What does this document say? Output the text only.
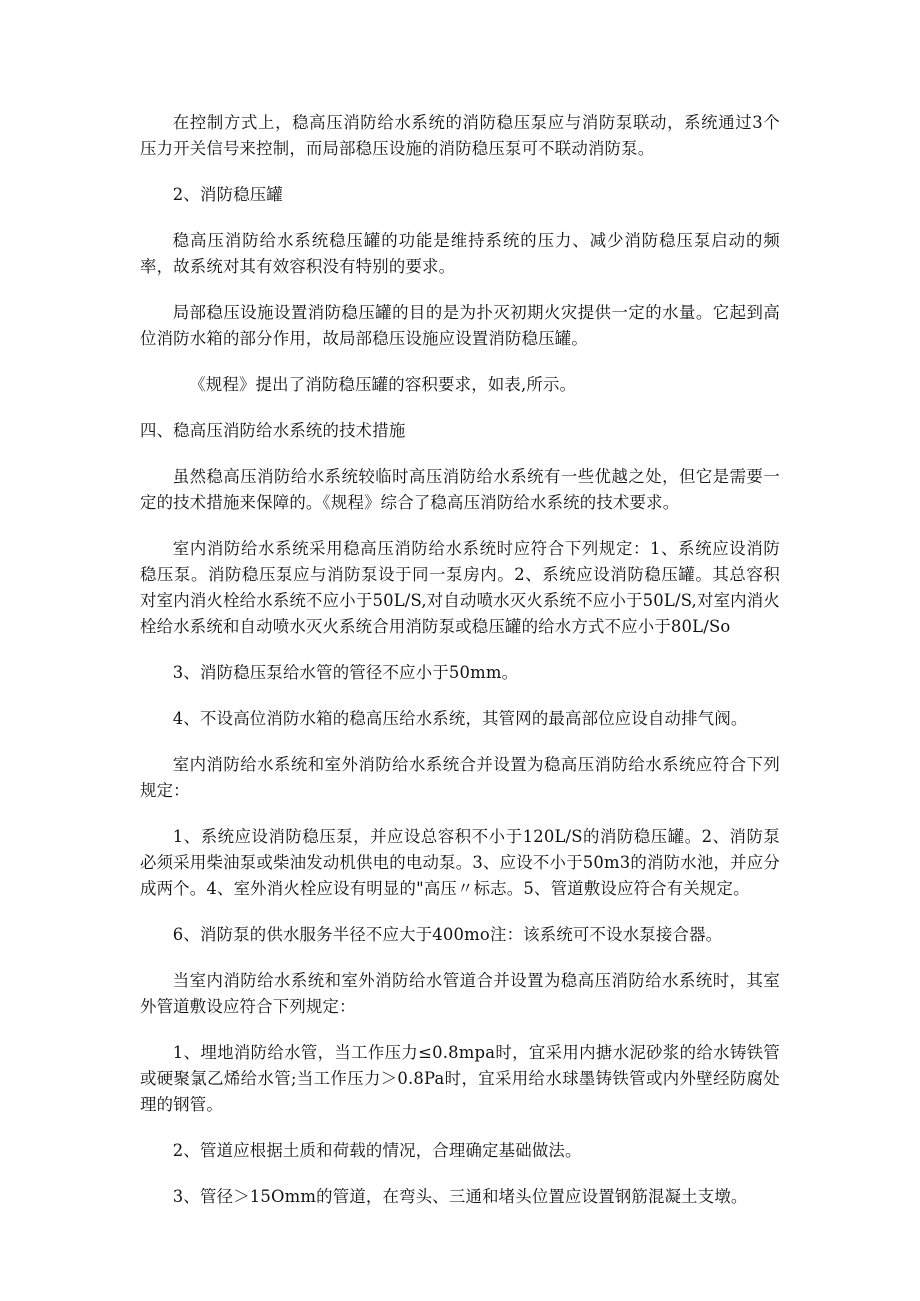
在控制方式上，稳高压消防给水系统的消防稳压泵应与消防泵联动，系统通过3个压力开关信号来控制，而局部稳压设施的消防稳压泵可不联动消防泵。

2、消防稳压罐

稳高压消防给水系统稳压罐的功能是维持系统的压力、减少消防稳压泵启动的频率，故系统对其有效容积没有特别的要求。

局部稳压设施设置消防稳压罐的目的是为扑灭初期火灾提供一定的水量。它起到高位消防水箱的部分作用，故局部稳压设施应设置消防稳压罐。

《规程》提出了消防稳压罐的容积要求，如表,所示。

四、稳高压消防给水系统的技术措施

虽然稳高压消防给水系统较临时高压消防给水系统有一些优越之处，但它是需要一定的技术措施来保障的。《规程》综合了稳高压消防给水系统的技术要求。

室内消防给水系统采用稳高压消防给水系统时应符合下列规定：1、系统应设消防稳压泵。消防稳压泵应与消防泵设于同一泵房内。2、系统应设消防稳压罐。其总容积对室内消火栓给水系统不应小于50L/S,对自动喷水灭火系统不应小于50L/S,对室内消火栓给水系统和自动喷水灭火系统合用消防泵或稳压罐的给水方式不应小于80L∕So

3、消防稳压泵给水管的管径不应小于50mm。

4、不设高位消防水箱的稳高压给水系统，其管网的最高部位应设自动排气阀。

室内消防给水系统和室外消防给水系统合并设置为稳高压消防给水系统应符合下列规定：

1、系统应设消防稳压泵，并应设总容积不小于120L/S的消防稳压罐。2、消防泵必须采用柴油泵或柴油发动机供电的电动泵。3、应设不小于50m3的消防水池，并应分成两个。4、室外消火栓应设有明显的"高压〃标志。5、管道敷设应符合有关规定。

6、消防泵的供水服务半径不应大于400mo注：该系统可不设水泵接合器。

当室内消防给水系统和室外消防给水管道合并设置为稳高压消防给水系统时，其室外管道敷设应符合下列规定：

1、埋地消防给水管，当工作压力≤0.8mpa时，宜采用内搪水泥砂浆的给水铸铁管或硬聚氯乙烯给水管;当工作压力＞0.8Pa时，宜采用给水球墨铸铁管或内外壁经防腐处理的钢管。

2、管道应根据土质和荷载的情况，合理确定基础做法。

3、管径＞15Omm的管道，在弯头、三通和堵头位置应设置钢筋混凝土支墩。
